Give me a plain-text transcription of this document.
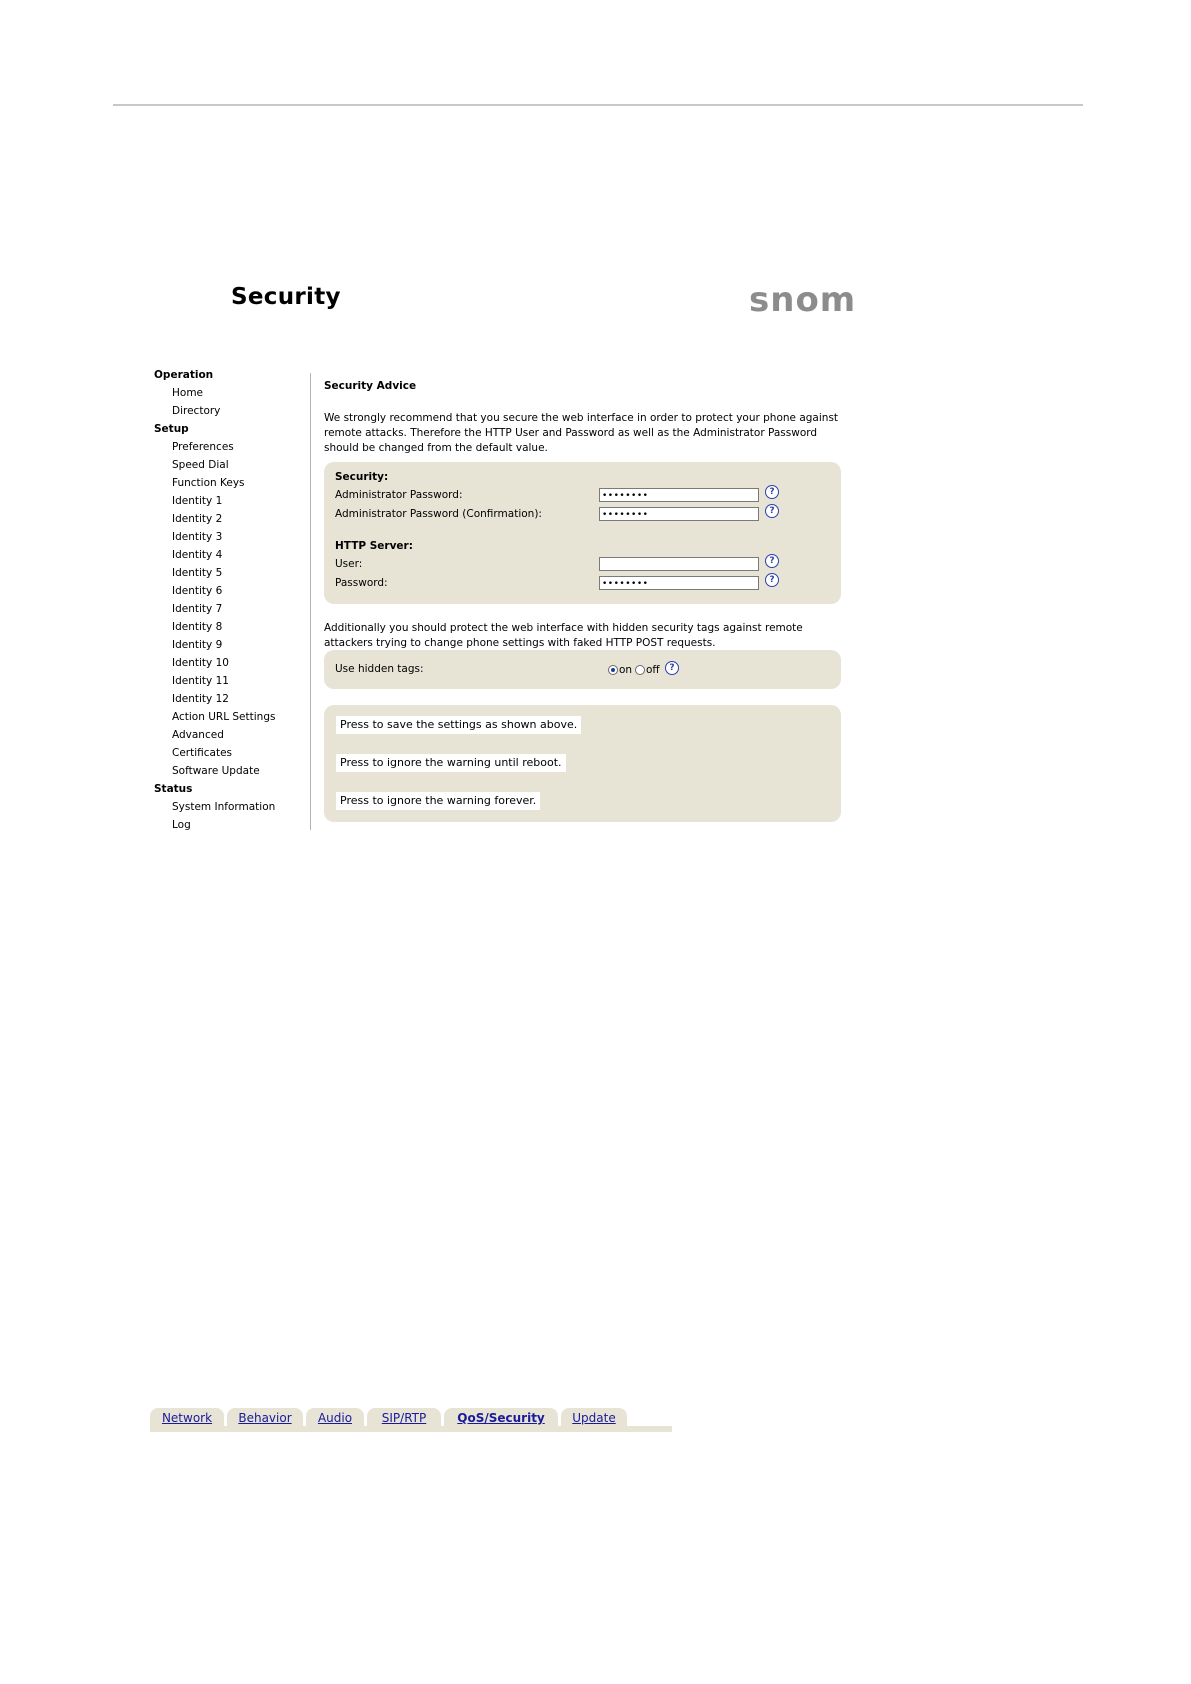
Security	snom
Operation
Home
Directory
Setup
Preferences
Speed Dial
Function Keys
Identity 1
Identity 2
Identity 3
Identity 4
Identity 5
Identity 6
Identity 7
Identity 8
Identity 9
Identity 10
Identity 11
Identity 12
Action URL Settings
Advanced
Certificates
Software Update
Status
System Information
Log
Security Advice
We strongly recommend that you secure the web interface in order to protect your phone against remote attacks. Therefore the HTTP User and Password as well as the Administrator Password should be changed from the default value.
Security:
Administrator Password:	••••••••	?
Administrator Password (Confirmation):	••••••••	?
HTTP Server:
User:	?
Password:	••••••••	?
Additionally you should protect the web interface with hidden security tags against remote attackers trying to change phone settings with faked HTTP POST requests.
Use hidden tags:	on off	?
Press to save the settings as shown above.
Press to ignore the warning until reboot.
Press to ignore the warning forever.
Network	Behavior	Audio	SIP/RTP	QoS/Security	Update
